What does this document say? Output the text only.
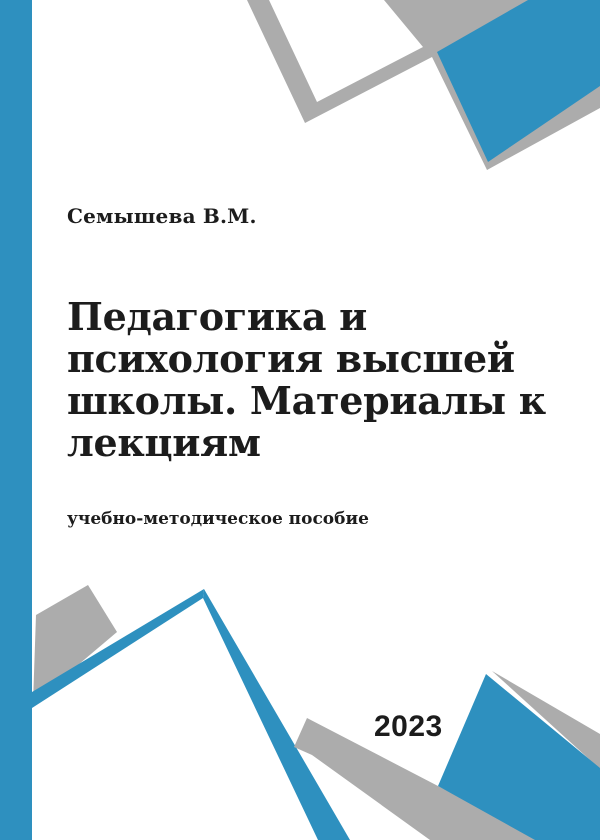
Семышева В.М.
Педагогика и
психология высшей
школы. Материалы к
лекциям
учебно-методическое пособие
2023
